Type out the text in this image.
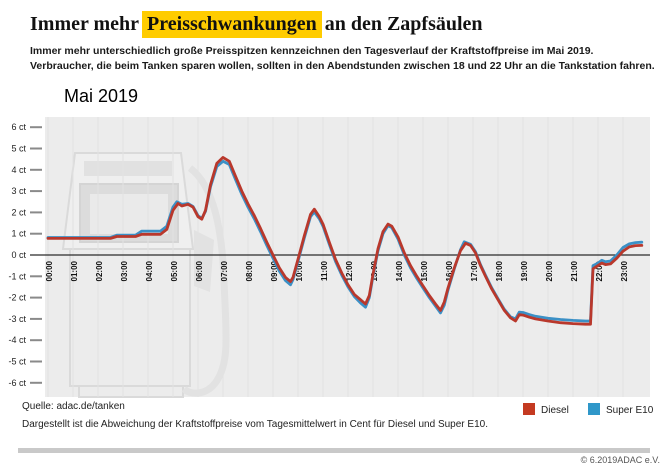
Immer mehr Preisschwankungen an den Zapfsäulen
Immer mehr unterschiedlich große Preisspitzen kennzeichnen den Tagesverlauf der Kraftstoffpreise im Mai 2019.
Verbraucher, die beim Tanken sparen wollen, sollten in den Abendstunden zwischen 18 und 22 Uhr an die Tankstation fahren.
6 ct
5 ct
4 ct
3 ct
2 ct
1 ct
0 ct
-1 ct
-2 ct
-3 ct
-4 ct
-5 ct
-6 ct
00:00 01:00 02:00 03:00 04:00 05:00 06:00 07:00 08:00 09:00 10:00 11:00 12:00 13:00 14:00 15:00 16:00 17:00 18:00 19:00 20:00 21:00 22:00 23:00
Mai 2019
Diesel	Super E10
Quelle: adac.de/tanken
Dargestellt ist die Abweichung der Kraftstoffpreise vom Tagesmittelwert in Cent für Diesel und Super E10.
© 6.2019ADAC e.V.
